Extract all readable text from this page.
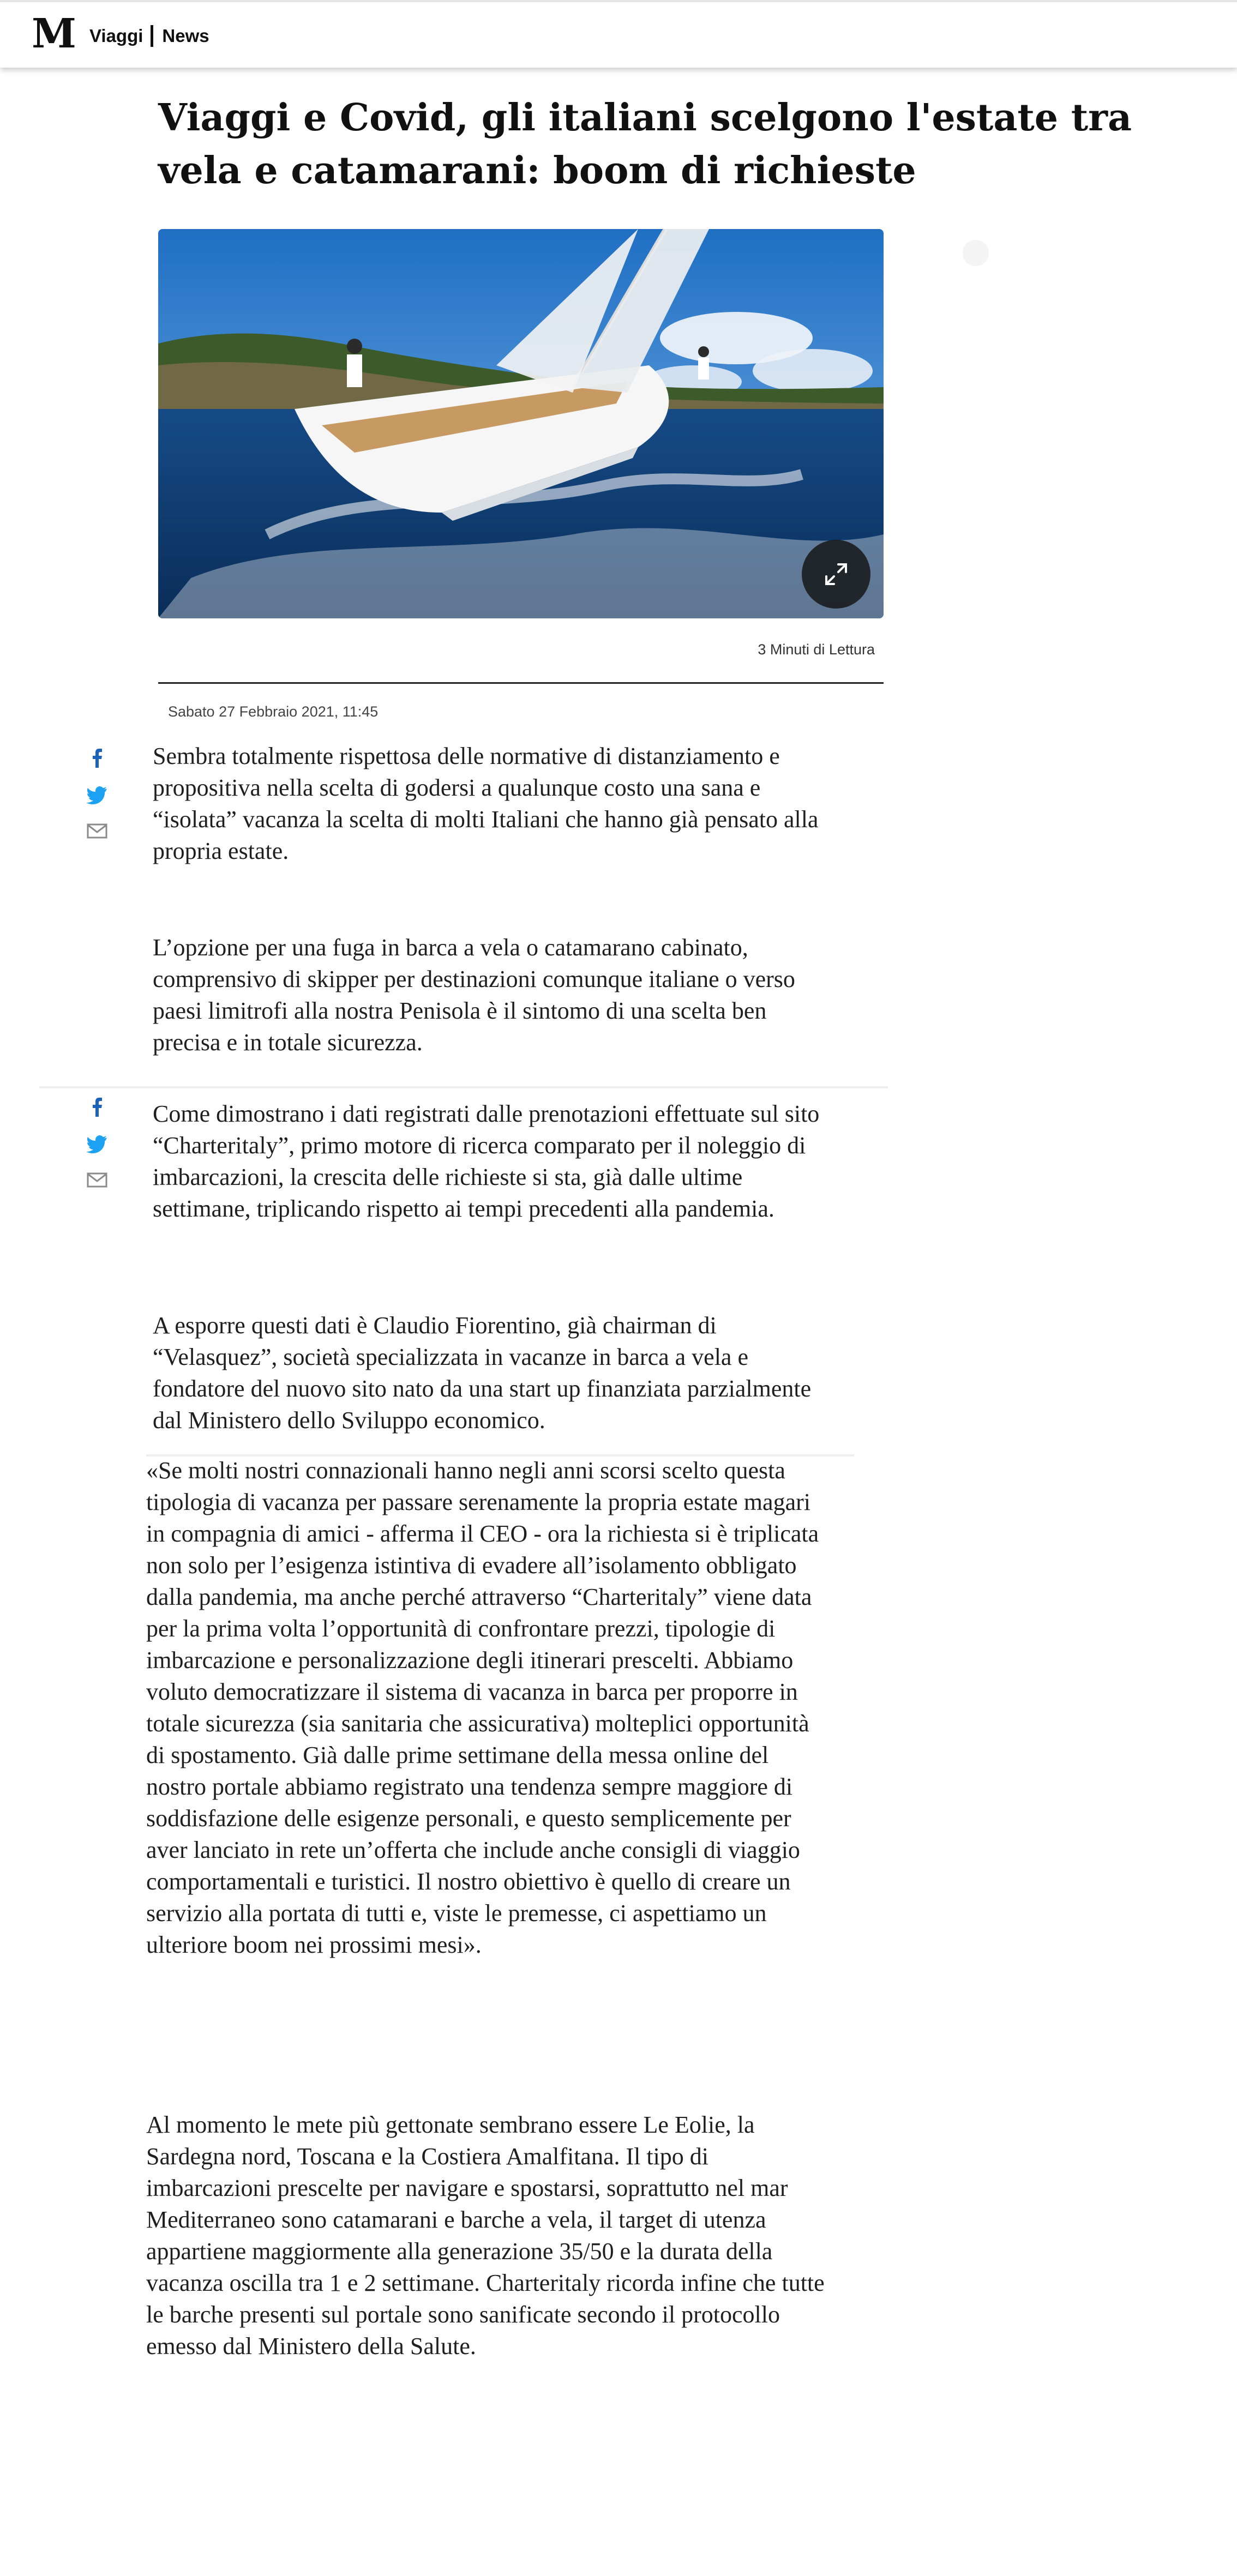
M Viaggi News
Viaggi e Covid, gli italiani scelgono l'estate tra vela e catamarani: boom di richieste
3 Minuti di Lettura
Sabato 27 Febbraio 2021, 11:45

Sembra totalmente rispettosa delle normative di distanziamento e propositiva nella scelta di godersi a qualunque costo una sana e “isolata” vacanza la scelta di molti Italiani che hanno già pensato alla propria estate.

L’opzione per una fuga in barca a vela o catamarano cabinato, comprensivo di skipper per destinazioni comunque italiane o verso paesi limitrofi alla nostra Penisola è il sintomo di una scelta ben precisa e in totale sicurezza.

Come dimostrano i dati registrati dalle prenotazioni effettuate sul sito “Charteritaly”, primo motore di ricerca comparato per il noleggio di imbarcazioni, la crescita delle richieste si sta, già dalle ultime settimane, triplicando rispetto ai tempi precedenti alla pandemia.

A esporre questi dati è Claudio Fiorentino, già chairman di “Velasquez”, società specializzata in vacanze in barca a vela e fondatore del nuovo sito nato da una start up finanziata parzialmente dal Ministero dello Sviluppo economico.

«Se molti nostri connazionali hanno negli anni scorsi scelto questa tipologia di vacanza per passare serenamente la propria estate magari in compagnia di amici - afferma il CEO - ora la richiesta si è triplicata non solo per l’esigenza istintiva di evadere all’isolamento obbligato dalla pandemia, ma anche perché attraverso “Charteritaly” viene data per la prima volta l’opportunità di confrontare prezzi, tipologie di imbarcazione e personalizzazione degli itinerari prescelti. Abbiamo voluto democratizzare il sistema di vacanza in barca per proporre in totale sicurezza (sia sanitaria che assicurativa) molteplici opportunità di spostamento. Già dalle prime settimane della messa online del nostro portale abbiamo registrato una tendenza sempre maggiore di soddisfazione delle esigenze personali, e questo semplicemente per aver lanciato in rete un’offerta che include anche consigli di viaggio comportamentali e turistici. Il nostro obiettivo è quello di creare un servizio alla portata di tutti e, viste le premesse, ci aspettiamo un ulteriore boom nei prossimi mesi».

Al momento le mete più gettonate sembrano essere Le Eolie, la Sardegna nord, Toscana e la Costiera Amalfitana. Il tipo di imbarcazioni prescelte per navigare e spostarsi, soprattutto nel mar Mediterraneo sono catamarani e barche a vela, il target di utenza appartiene maggiormente alla generazione 35/50 e la durata della vacanza oscilla tra 1 e 2 settimane. Charteritaly ricorda infine che tutte le barche presenti sul portale sono sanificate secondo il protocollo emesso dal Ministero della Salute.
